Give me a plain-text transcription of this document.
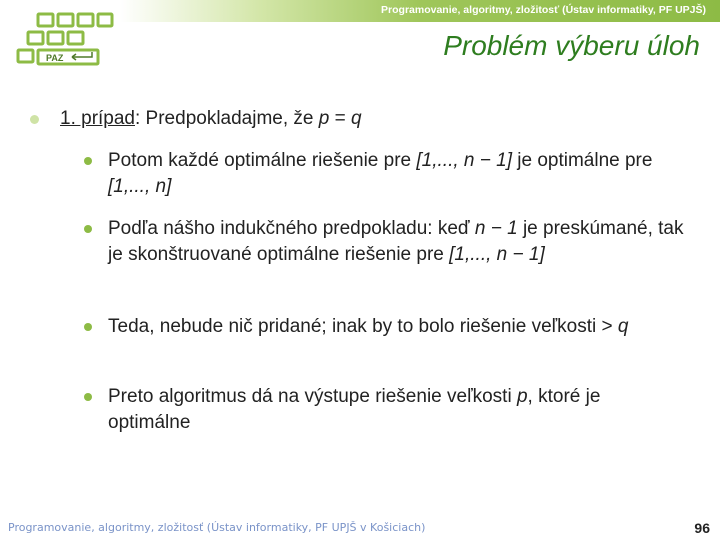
Programovanie, algoritmy, zložitosť (Ústav informatiky, PF UPJŠ)
PAZ	Problém výberu úloh
1. prípad: Predpokladajme, že p = q
Potom každé optimálne riešenie pre [1,..., n − 1] je optimálne pre [1,..., n]
Podľa nášho indukčného predpokladu: keď n − 1 je preskúmané, tak je skonštruované optimálne riešenie pre [1,..., n − 1]
Teda, nebude nič pridané; inak by to bolo riešenie veľkosti > q
Preto algoritmus dá na výstupe riešenie veľkosti p, ktoré je optimálne
Programovanie, algoritmy, zložitosť (Ústav informatiky, PF UPJŠ v Košiciach)	96
